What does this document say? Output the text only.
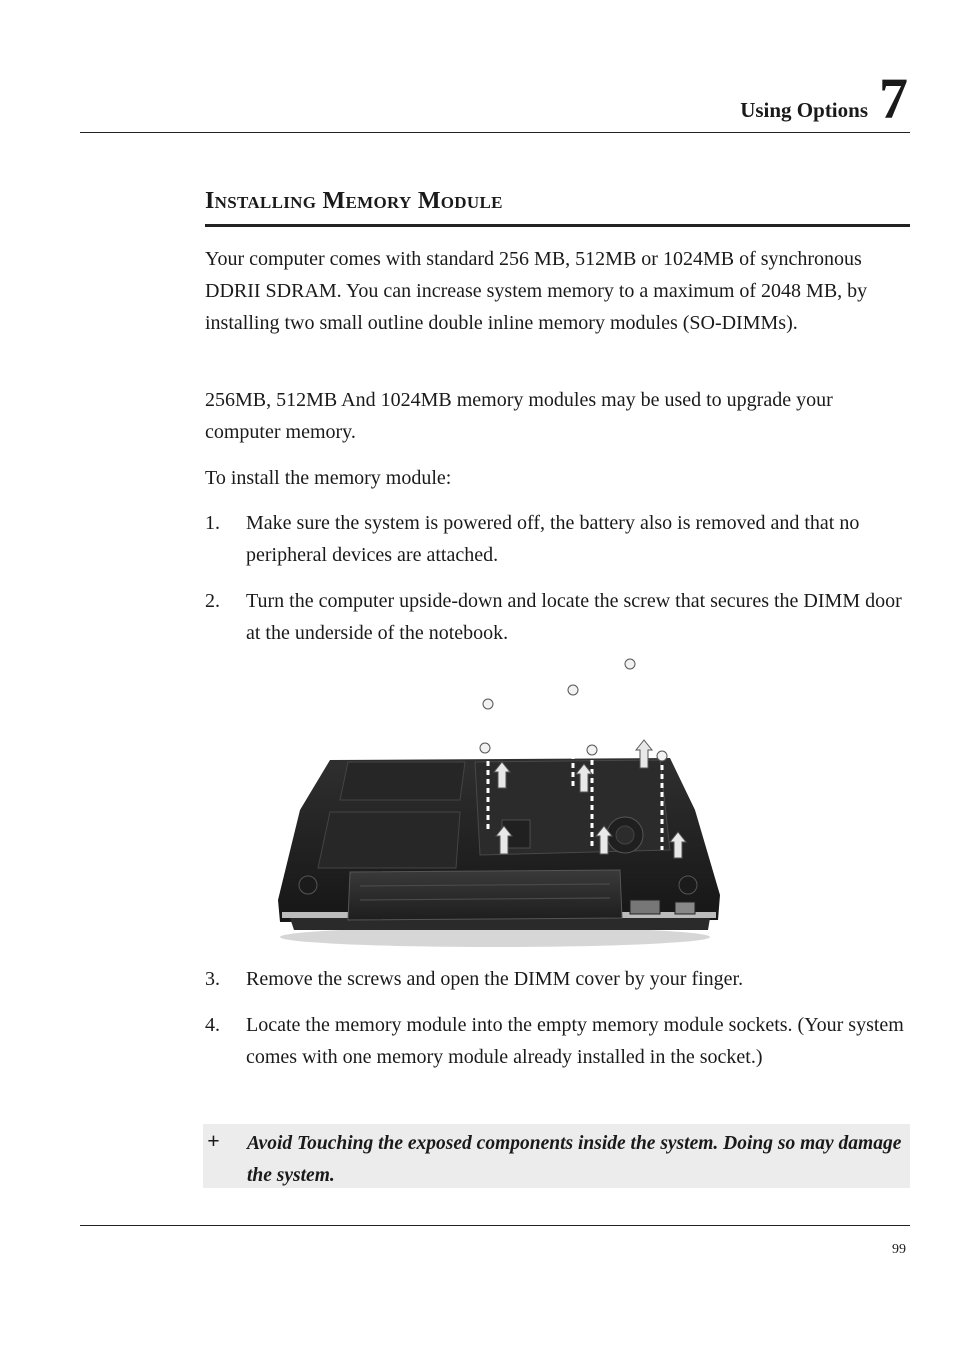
Using Options 7
Installing Memory Module
Your computer comes with standard 256 MB, 512MB or 1024MB of synchronous DDRII SDRAM. You can increase system memory to a maximum of 2048 MB, by installing two small outline double inline memory modules (SO-DIMMs).
256MB, 512MB And 1024MB memory modules may be used to upgrade your computer memory.
To install the memory module:
1. Make sure the system is powered off, the battery also is removed and that no peripheral devices are attached.
2. Turn the computer upside-down and locate the screw that secures the DIMM door at the underside of the notebook.
3. Remove the screws and open the DIMM cover by your finger.
4. Locate the memory module into the empty memory module sockets. (Your system comes with one memory module already installed in the socket.)
+ Avoid Touching the exposed components inside the system. Doing so may damage the system.
99
